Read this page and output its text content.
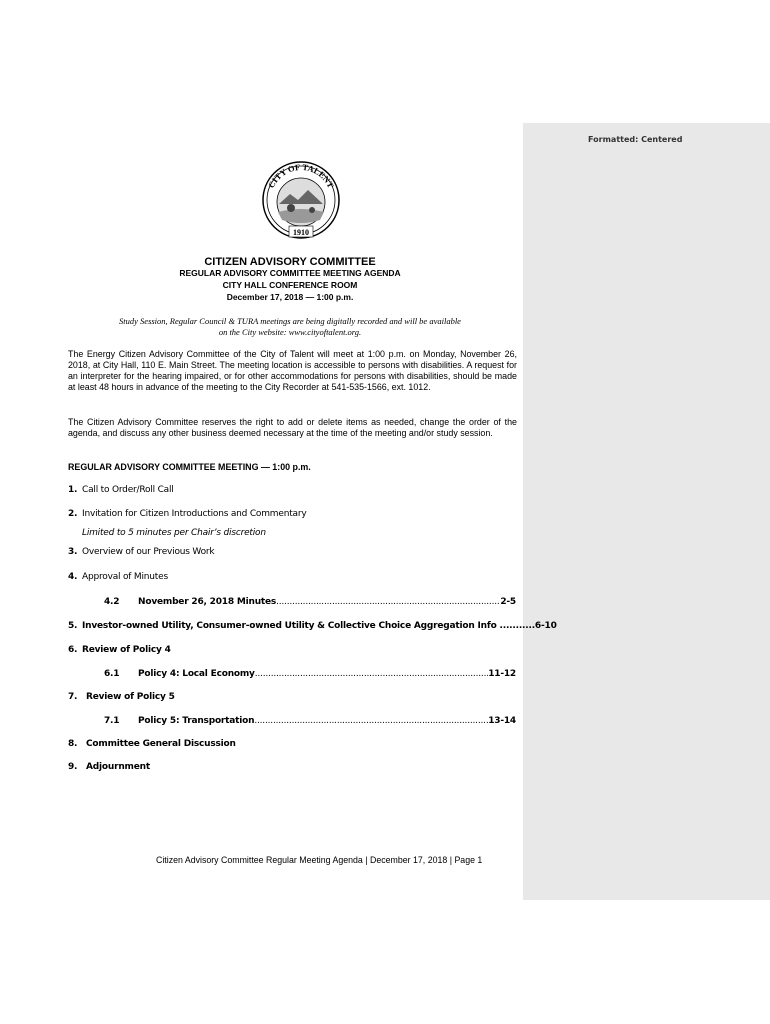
Formatted: Centered
CITY OF TALENT
1910
CITIZEN ADVISORY COMMITTEE
REGULAR ADVISORY COMMITTEE MEETING AGENDA
CITY HALL CONFERENCE ROOM
December 17, 2018 — 1:00 p.m.
Study Session, Regular Council & TURA meetings are being digitally recorded and will be available
on the City website: www.cityoftalent.org.
The Energy Citizen Advisory Committee of the City of Talent will meet at 1:00 p.m. on Monday, November 26, 2018, at City Hall, 110 E. Main Street. The meeting location is accessible to persons with disabilities. A request for an interpreter for the hearing impaired, or for other accommodations for persons with disabilities, should be made at least 48 hours in advance of the meeting to the City Recorder at 541-535-1566, ext. 1012.
The Citizen Advisory Committee reserves the right to add or delete items as needed, change the order of the agenda, and discuss any other business deemed necessary at the time of the meeting and/or study session.
REGULAR ADVISORY COMMITTEE MEETING — 1:00 p.m.
1. Call to Order/Roll Call
2. Invitation for Citizen Introductions and Commentary
Limited to 5 minutes per Chair’s discretion
3. Overview of our Previous Work
4. Approval of Minutes
4.2	November 26, 2018 Minutes .....	2-5
5. Investor-owned Utility, Consumer-owned Utility & Collective Choice Aggregation Info ...........6-10
6. Review of Policy 4
6.1	Policy 4: Local Economy .....	11-12
7. Review of Policy 5
7.1	Policy 5: Transportation .....	13-14
8. Committee General Discussion
9. Adjournment
Citizen Advisory Committee Regular Meeting Agenda | December 17, 2018 | Page 1
